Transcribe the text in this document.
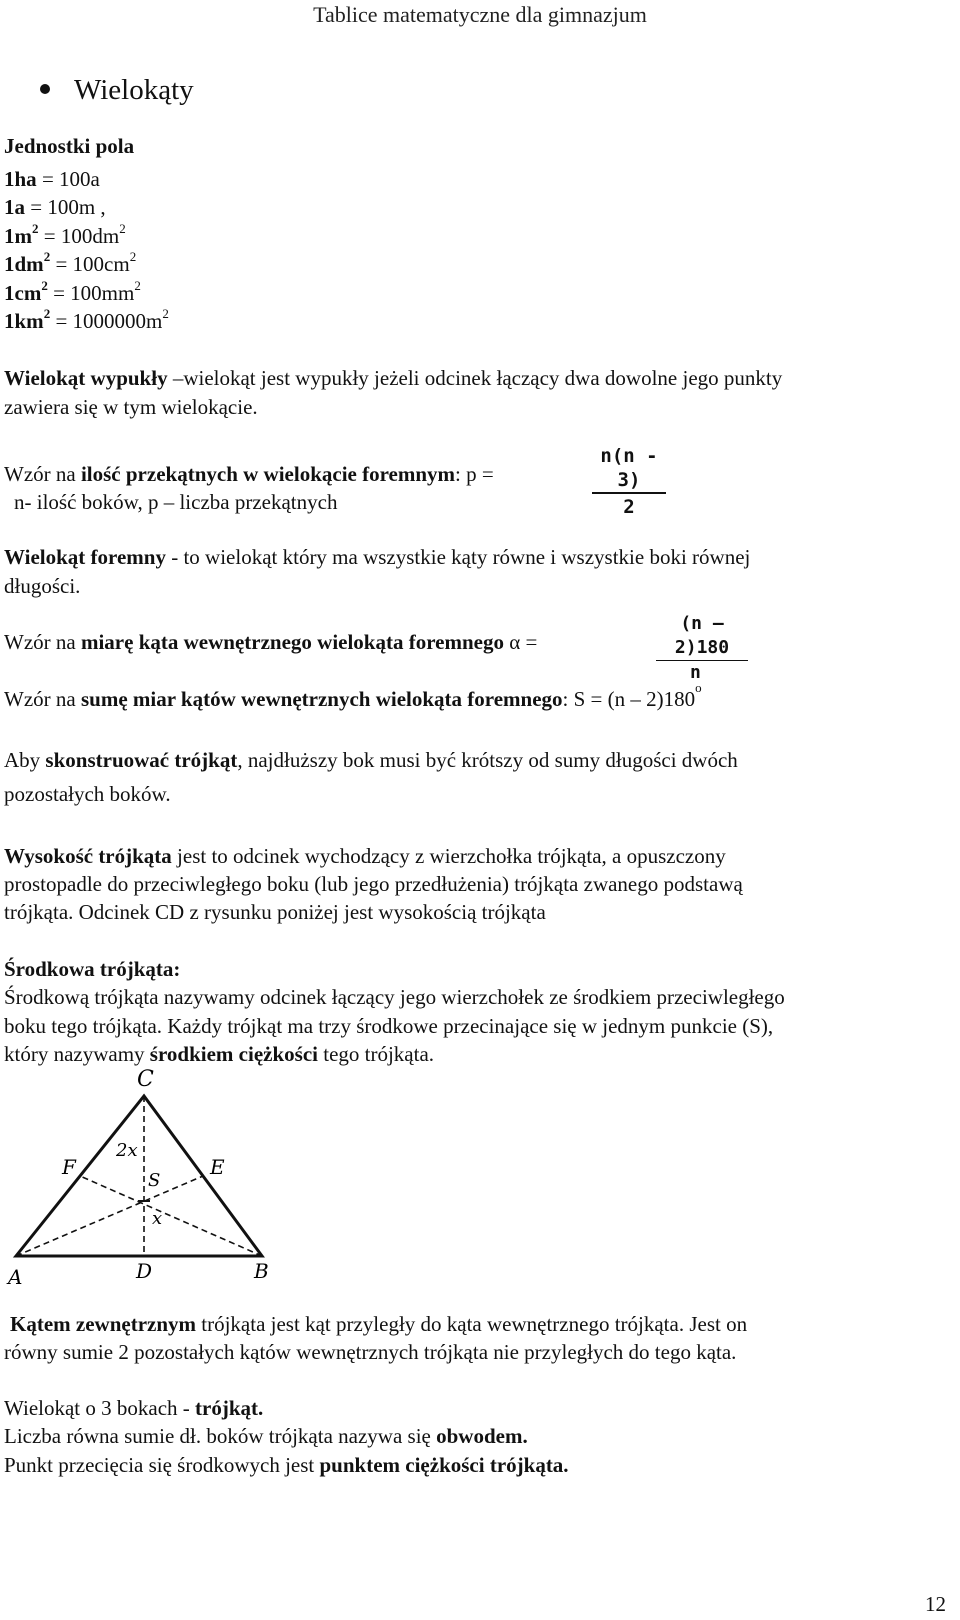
Tablice matematyczne dla gimnazjum
Wielokąty
Jednostki pola
1ha = 100a
1a = 100m ,
$1m^2 = 100dm^2$
$1dm^2 = 100cm^2$
$1cm^2 = 100mm^2$
$1km^2 = 1000000m^2$
Wielokąt wypukły –wielokąt jest wypukły jeżeli odcinek łączący dwa dowolne jego punkty
zawiera się w tym wielokącie.
Wzór na ilość przekątnych w wielokącie foremnym: p =	$\frac{n(n - 3)}{2}$
n- ilość boków, p – liczba przekątnych
Wielokąt foremny - to wielokąt który ma wszystkie kąty równe i wszystkie boki równej
długości.
Wzór na miarę kąta wewnętrznego wielokąta foremnego α =	$\frac{(n - 2)180}{n}$
Wzór na sumę miar kątów wewnętrznych wielokąta foremnego: S = (n – 2)180$^o$
Aby skonstruować trójkąt, najdłuższy bok musi być krótszy od sumy długości dwóch
pozostałych boków.
Wysokość trójkąta jest to odcinek wychodzący z wierzchołka trójkąta, a opuszczony
prostopadle do przeciwległego boku (lub jego przedłużenia) trójkąta zwanego podstawą
trójkąta. Odcinek CD z rysunku poniżej jest wysokością trójkąta
Środkowa trójkąta:
Środkową trójkąta nazywamy odcinek łączący jego wierzchołek ze środkiem przeciwległego
boku tego trójkąta. Każdy trójkąt ma trzy środkowe przecinające się w jednym punkcie (S),
który nazywamy środkiem ciężkości tego trójkąta.
C
A	D	B
F	E
S
2x
x
Kątem zewnętrznym trójkąta jest kąt przyległy do kąta wewnętrznego trójkąta. Jest on
równy sumie 2 pozostałych kątów wewnętrznych trójkąta nie przyległych do tego kąta.
Wielokąt o 3 bokach - trójkąt.
Liczba równa sumie dł. boków trójkąta nazywa się obwodem.
Punkt przecięcia się środkowych jest punktem ciężkości trójkąta.
12
